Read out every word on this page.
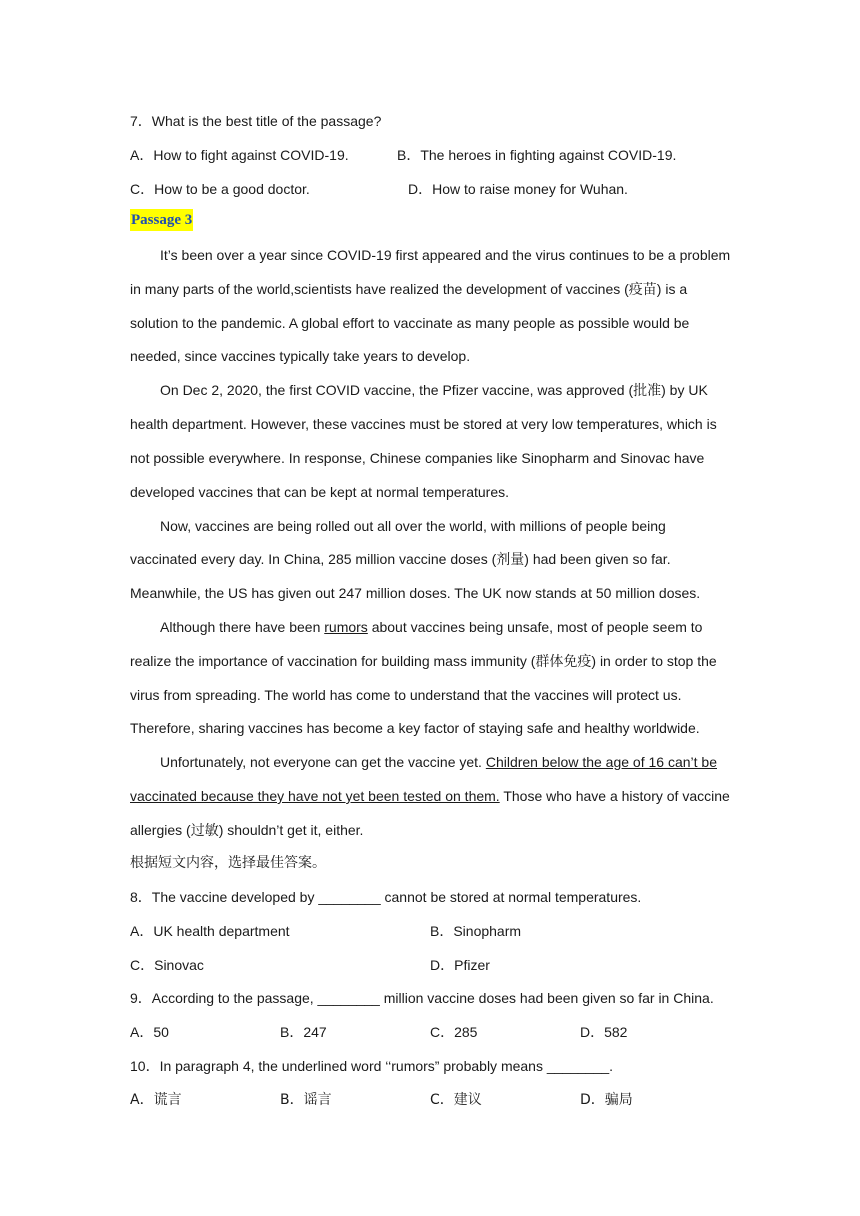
7．What is the best title of the passage?
A．How to fight against COVID-19.	B．The heroes in fighting against COVID-19.
C．How to be a good doctor.	D．How to raise money for Wuhan.
Passage 3
It’s been over a year since COVID-19 first appeared and the virus continues to be a problem
in many parts of the world,scientists have realized the development of vaccines (疫苗) is a
solution to the pandemic. A global effort to vaccinate as many people as possible would be
needed, since vaccines typically take years to develop.
On Dec 2, 2020, the first COVID vaccine, the Pfizer vaccine, was approved (批准) by UK
health department. However, these vaccines must be stored at very low temperatures, which is
not possible everywhere. In response, Chinese companies like Sinopharm and Sinovac have
developed vaccines that can be kept at normal temperatures.
Now, vaccines are being rolled out all over the world, with millions of people being
vaccinated every day. In China, 285 million vaccine doses (剂量) had been given so far.
Meanwhile, the US has given out 247 million doses. The UK now stands at 50 million doses.
Although there have been rumors about vaccines being unsafe, most of people seem to
realize the importance of vaccination for building mass immunity (群体免疫) in order to stop the
virus from spreading. The world has come to understand that the vaccines will protect us.
Therefore, sharing vaccines has become a key factor of staying safe and healthy worldwide.
Unfortunately, not everyone can get the vaccine yet. Children below the age of 16 can’t be
vaccinated because they have not yet been tested on them. Those who have a history of vaccine
allergies (过敏) shouldn’t get it, either.
根据短文内容，选择最佳答案。
8．The vaccine developed by ________ cannot be stored at normal temperatures.
A．UK health department	B．Sinopharm
C．Sinovac	D．Pfizer
9．According to the passage, ________ million vaccine doses had been given so far in China.
A．50	B．247	C．285	D．582
10．In paragraph 4, the underlined word ‘‘rumors” probably means ________.
A．谎言	B．谣言	C．建议	D．骗局
